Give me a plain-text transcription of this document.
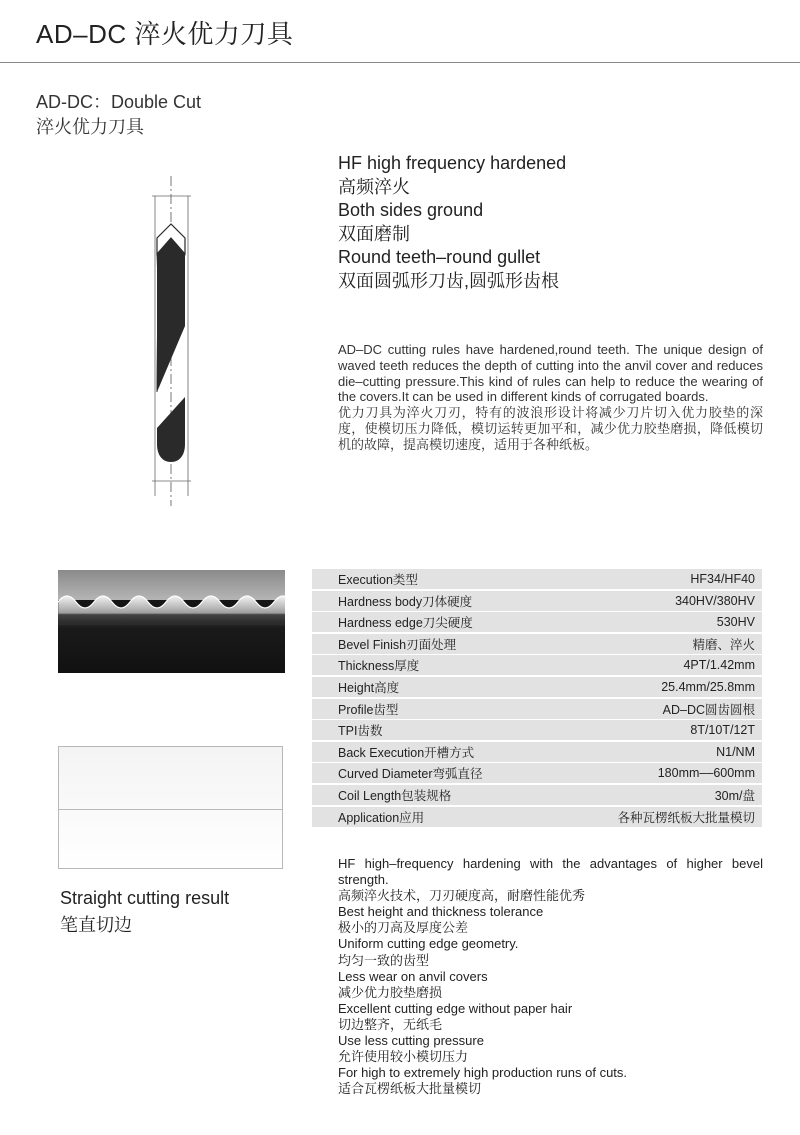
AD–DC 淬火优力刀具
AD-DC：Double Cut
淬火优力刀具
HF high frequency hardened
高频淬火
Both sides ground
双面磨制
Round teeth–round gullet
双面圆弧形刀齿,圆弧形齿根

AD–DC cutting rules have hardened,round teeth. The unique design of waved teeth reduces the depth of cutting into the anvil cover and reduces die–cutting pressure.This kind of rules can help to reduce the wearing of the covers.It can be used in different kinds of corrugated boards.

优力刀具为淬火刀刃，特有的波浪形设计将减少刀片切入优力胶垫的深度，使模切压力降低，模切运转更加平和，减少优力胶垫磨损，降低模切机的故障，提高模切速度，适用于各种纸板。

Straight cutting result
笔直切边
Execution类型	HF34/HF40
Hardness body刀体硬度	340HV/380HV
Hardness edge刀尖硬度	530HV
Bevel Finish刃面处理	精磨、淬火
Thickness厚度	4PT/1.42mm
Height高度	25.4mm/25.8mm
Profile齿型	AD–DC圆齿圆根
TPI齿数	8T/10T/12T
Back Execution开槽方式	N1/NM
Curved Diameter弯弧直径	180mm––600mm
Coil Length包装规格	30m/盘
Application应用	各种瓦楞纸板大批量模切

HF high–frequency hardening with the advantages of higher bevel strength.

高频淬火技术，刀刃硬度高，耐磨性能优秀

Best height and thickness tolerance

极小的刀高及厚度公差

Uniform cutting edge geometry.

均匀一致的齿型

Less wear on anvil covers

减少优力胶垫磨损

Excellent cutting edge without paper hair

切边整齐，无纸毛

Use less cutting pressure

允许使用较小模切压力

For high to extremely high production runs of cuts.

适合瓦楞纸板大批量模切
